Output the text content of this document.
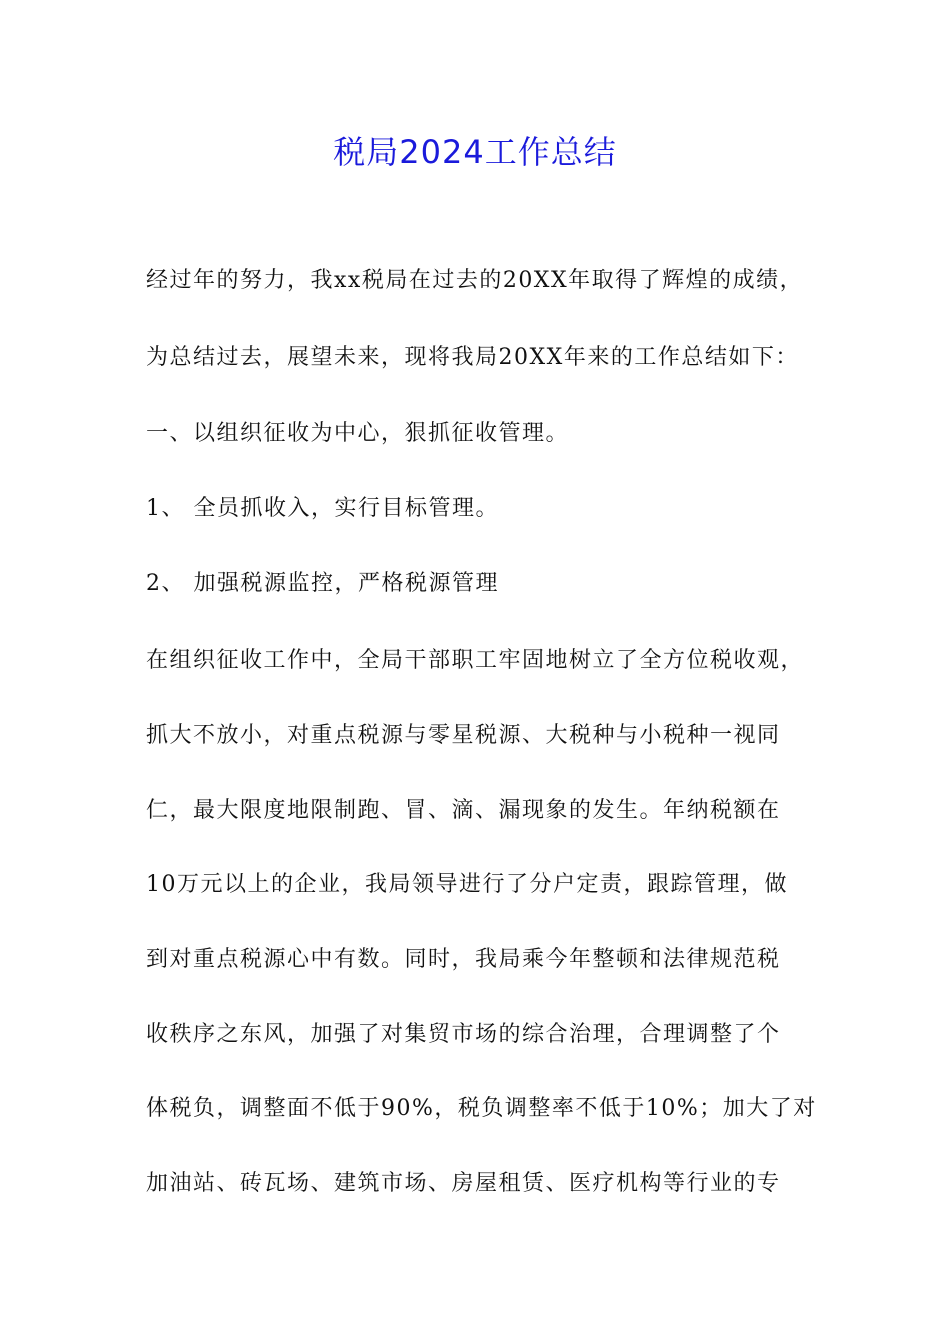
税局2024工作总结
经过年的努力，我xx税局在过去的20XX年取得了辉煌的成绩，
为总结过去，展望未来，现将我局20XX年来的工作总结如下：
一、以组织征收为中心，狠抓征收管理。
1、 全员抓收入，实行目标管理。
2、 加强税源监控，严格税源管理
在组织征收工作中，全局干部职工牢固地树立了全方位税收观，
抓大不放小，对重点税源与零星税源、大税种与小税种一视同
仁，最大限度地限制跑、冒、滴、漏现象的发生。年纳税额在
10万元以上的企业，我局领导进行了分户定责，跟踪管理，做
到对重点税源心中有数。同时，我局乘今年整顿和法律规范税
收秩序之东风，加强了对集贸市场的综合治理，合理调整了个
体税负，调整面不低于90%，税负调整率不低于10%；加大了对
加油站、砖瓦场、建筑市场、房屋租赁、医疗机构等行业的专
